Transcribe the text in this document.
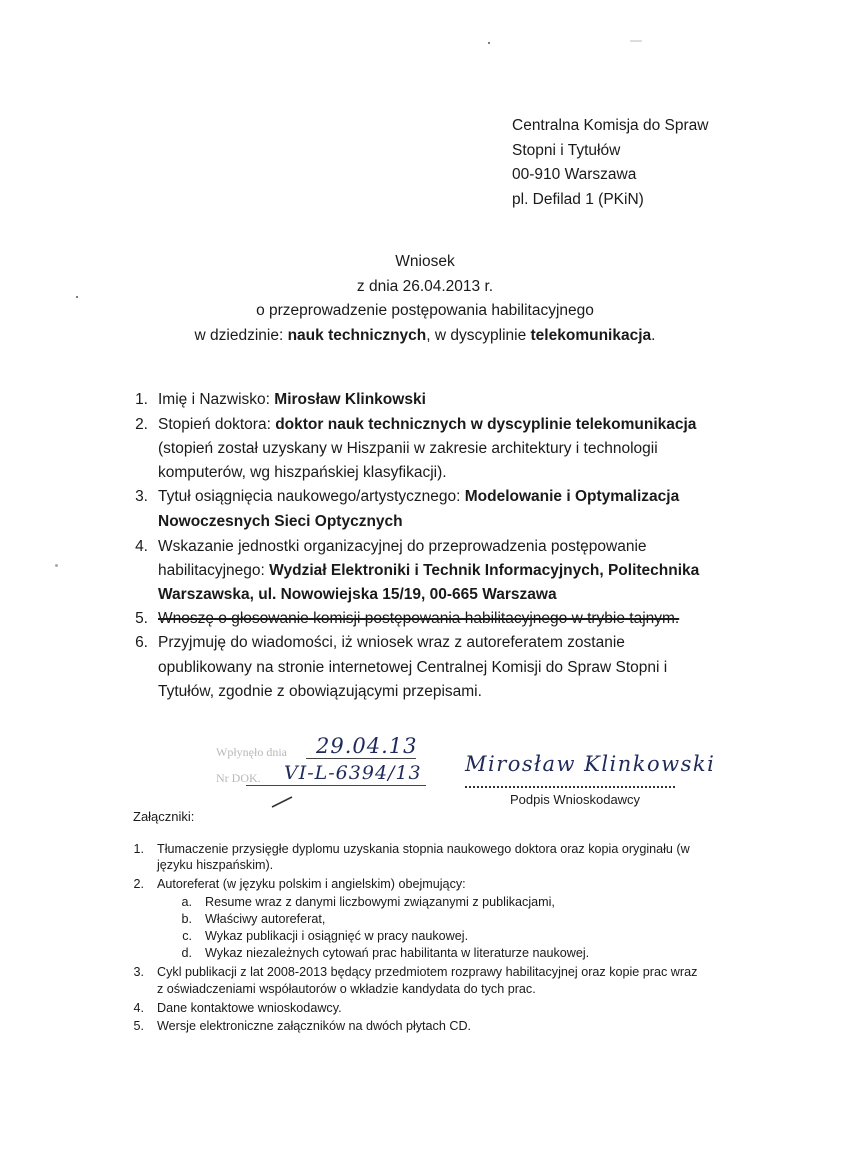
Centralna Komisja do Spraw
Stopni i Tytułów
00-910 Warszawa
pl. Defilad 1 (PKiN)
Wniosek
z dnia 26.04.2013 r.
o przeprowadzenie postępowania habilitacyjnego
w dziedzinie: nauk technicznych, w dyscyplinie telekomunikacja.
1. Imię i Nazwisko: Mirosław Klinkowski
2. Stopień doktora: doktor nauk technicznych w dyscyplinie telekomunikacja
(stopień został uzyskany w Hiszpanii w zakresie architektury i technologii
komputerów, wg hiszpańskiej klasyfikacji).
3. Tytuł osiągnięcia naukowego/artystycznego: Modelowanie i Optymalizacja
Nowoczesnych Sieci Optycznych
4. Wskazanie jednostki organizacyjnej do przeprowadzenia postępowanie
habilitacyjnego: Wydział Elektroniki i Technik Informacyjnych, Politechnika
Warszawska, ul. Nowowiejska 15/19, 00-665 Warszawa
5. Wnoszę o głosowanie komisji postępowania habilitacyjnego w trybie tajnym.
6. Przyjmuję do wiadomości, iż wniosek wraz z autoreferatem zostanie
opublikowany na stronie internetowej Centralnej Komisji do Spraw Stopni i
Tytułów, zgodnie z obowiązującymi przepisami.
Wpłynęło dnia 29.04.13
Nr DOK. VI-L-6394/13 Mirosław Klinkowski
Podpis Wnioskodawcy
Załączniki:
1. Tłumaczenie przysięgłe dyplomu uzyskania stopnia naukowego doktora oraz kopia oryginału (w
języku hiszpańskim).
2. Autoreferat (w języku polskim i angielskim) obejmujący:
a. Resume wraz z danymi liczbowymi związanymi z publikacjami,
b. Właściwy autoreferat,
c. Wykaz publikacji i osiągnięć w pracy naukowej.
d. Wykaz niezależnych cytowań prac habilitanta w literaturze naukowej.
3. Cykl publikacji z lat 2008-2013 będący przedmiotem rozprawy habilitacyjnej oraz kopie prac wraz
z oświadczeniami współautorów o wkładzie kandydata do tych prac.
4. Dane kontaktowe wnioskodawcy.
5. Wersje elektroniczne załączników na dwóch płytach CD.
